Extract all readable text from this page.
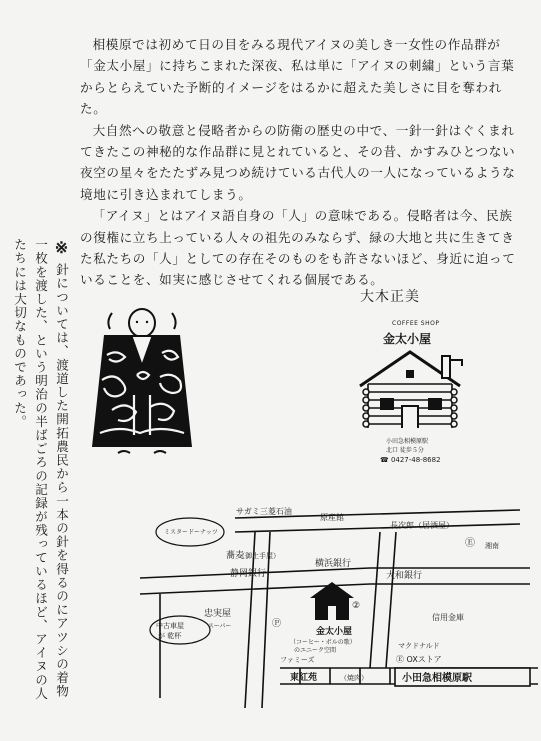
相模原では初めて日の目をみる現代アイヌの美しき一女性の作品群が「金太小屋」に持ちこまれた深夜、私は単に「アイヌの刺繍」という言葉からとらえていた予断的イメージをはるかに超えた美しさに目を奪われた。

大自然への敬意と侵略者からの防衛の歴史の中で、一針一針はぐくまれてきたこの神秘的な作品群に見とれていると、その昔、かすみひとつない夜空の星々をたたずみ見つめ続けている古代人の一人になっているような境地に引き込まれてしまう。

「アイヌ」とはアイヌ語自身の「人」の意味である。侵略者は今、民族の復権に立ち上っている人々の祖先のみならず、緑の大地と共に生きてきた私たちの「人」としての存在そのものをも許さないほど、身近に迫っていることを、如実に感じさせてくれる個展である。

※ 針については、渡道した開拓農民から一本の針を得るのにアツシの着物一枚を渡した、という明治の半ばごろの記録が残っているほど、アイヌの人たちには大切なものであった。	大木正美
COFFEE SHOP
金太小屋
小田急相模原駅
北口 徒歩５分
☎ 0427-48-8682
サガミ三菱石油
原産館
ミスタードーナッツ
長次郎（居酒屋）
Ⓔ 湘南
蕎麦
（御土手屋）
静岡銀行
横浜銀行
大和銀行
金太小屋
（コーヒー・ボルの歌）
のユニーク空間
ファミーズ
忠実屋
スーパー
中古車屋
が 乾杯
信用金庫
マクドナルド
Ⓔ OXストア
東紅苑	（焼肉）	小田急相模原駅
Ⓟ
②
